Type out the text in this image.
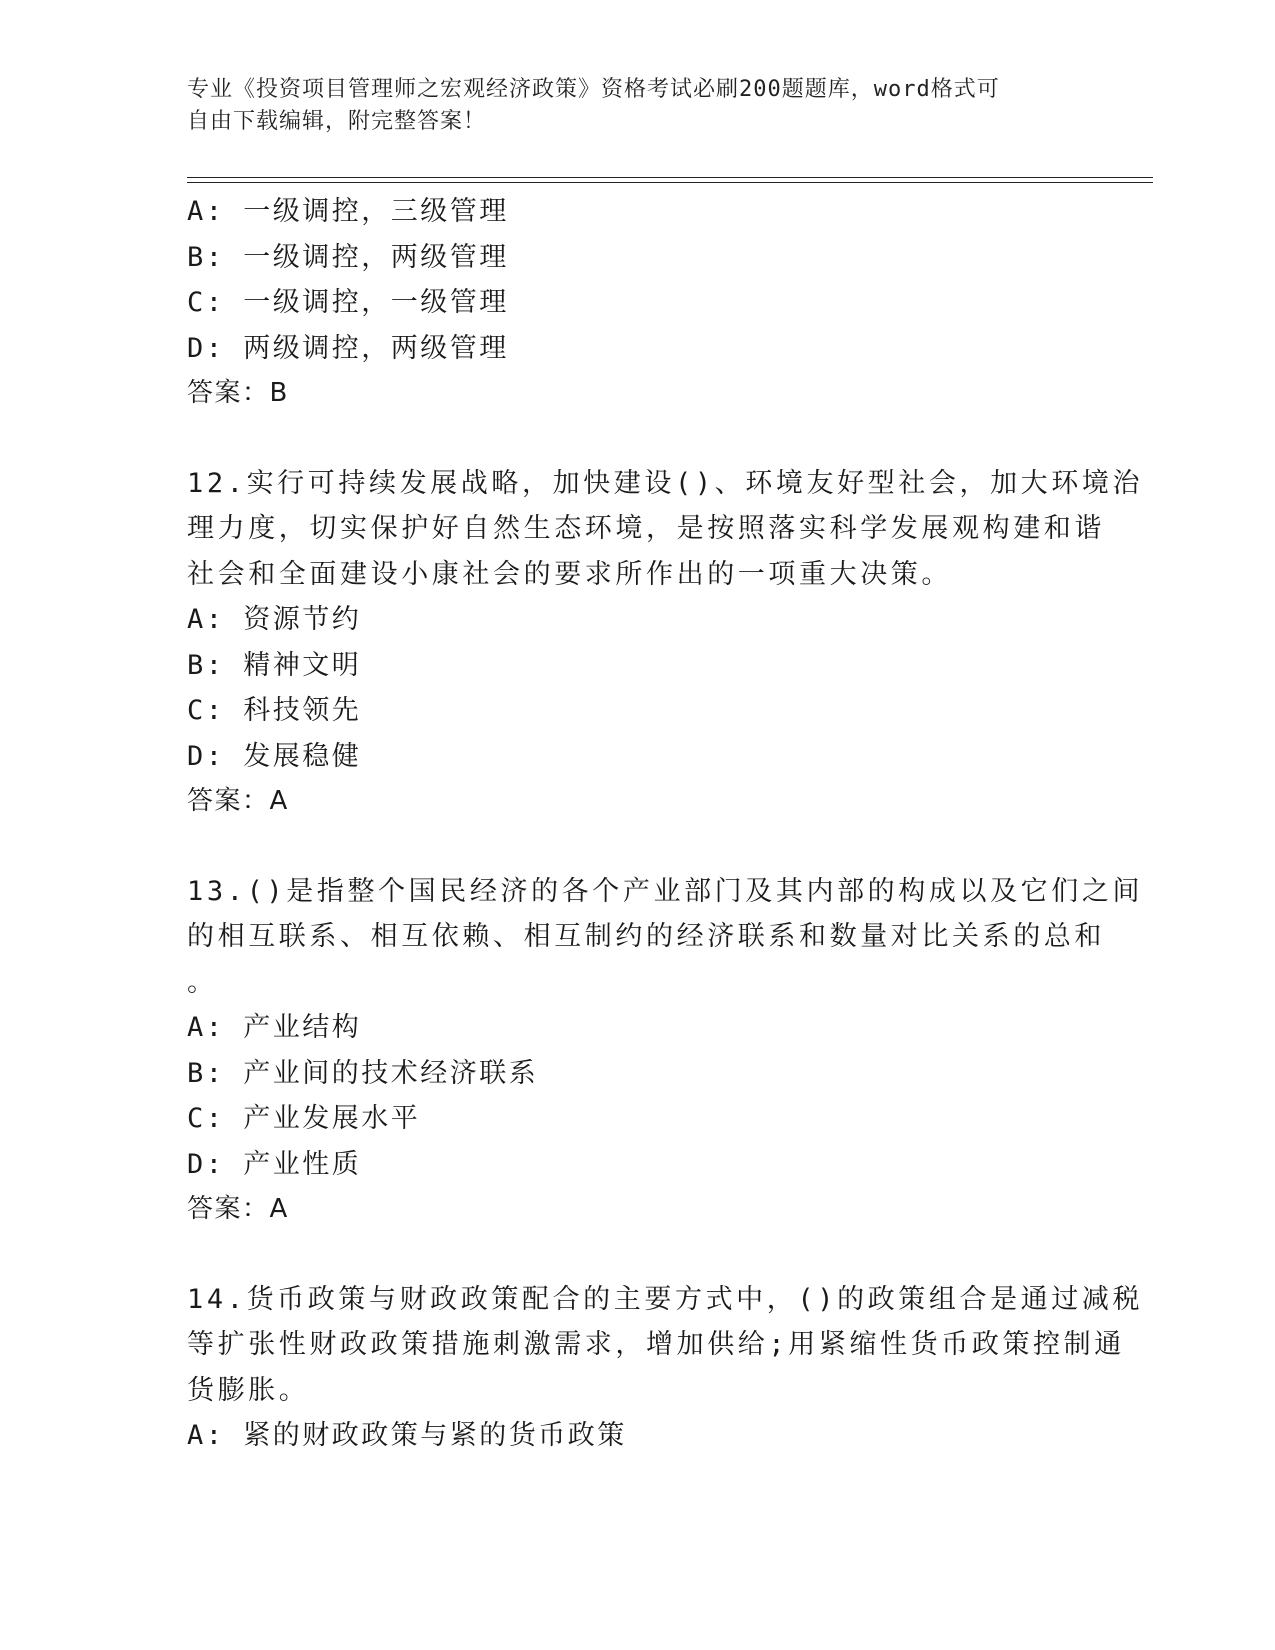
专业《投资项目管理师之宏观经济政策》资格考试必刷200题题库，word格式可
自由下载编辑，附完整答案！
A: 一级调控，三级管理
B: 一级调控，两级管理
C: 一级调控，一级管理
D: 两级调控，两级管理
答案：B
12.实行可持续发展战略，加快建设()、环境友好型社会，加大环境治
理力度，切实保护好自然生态环境，是按照落实科学发展观构建和谐
社会和全面建设小康社会的要求所作出的一项重大决策。
A: 资源节约
B: 精神文明
C: 科技领先
D: 发展稳健
答案：A
13.()是指整个国民经济的各个产业部门及其内部的构成以及它们之间
的相互联系、相互依赖、相互制约的经济联系和数量对比关系的总和
。
A: 产业结构
B: 产业间的技术经济联系
C: 产业发展水平
D: 产业性质
答案：A
14.货币政策与财政政策配合的主要方式中，()的政策组合是通过减税
等扩张性财政政策措施刺激需求，增加供给;用紧缩性货币政策控制通
货膨胀。
A: 紧的财政政策与紧的货币政策
